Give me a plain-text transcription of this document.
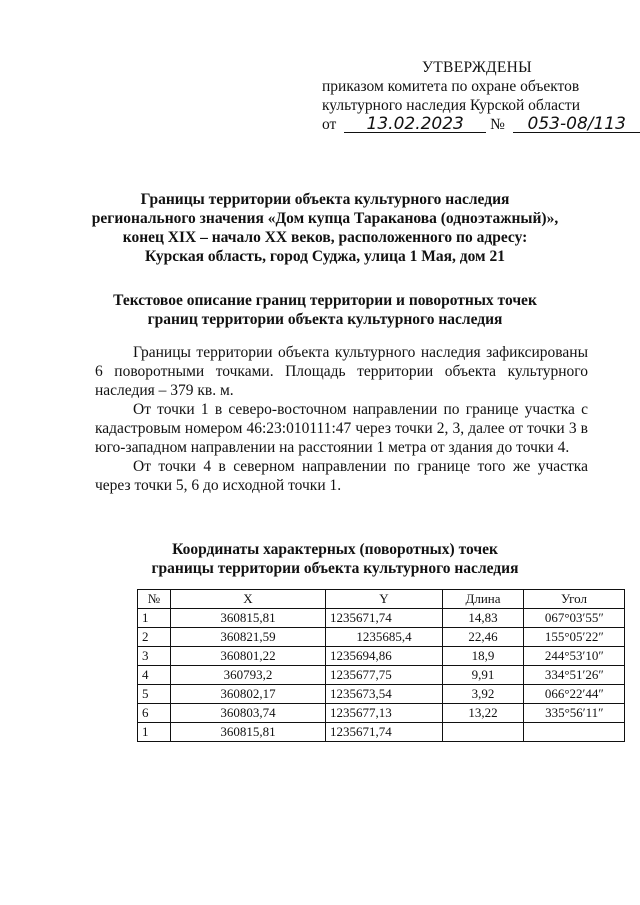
УТВЕРЖДЕНЫ
приказом комитета по охране объектов
культурного наследия Курской области
от 13.02.2023 № 053-08/113
Границы территории объекта культурного наследия
регионального значения «Дом купца Тараканова (одноэтажный)»,
конец XIX – начало XX веков, расположенного по адресу:
Курская область, город Суджа, улица 1 Мая, дом 21
Текстовое описание границ территории и поворотных точек
границ территории объекта культурного наследия

Границы территории объекта культурного наследия зафиксированы 6 поворотными точками. Площадь территории объекта культурного наследия – 379 кв. м.

От точки 1 в северо-восточном направлении по границе участка с кадастровым номером 46:23:010111:47 через точки 2, 3, далее от точки 3 в юго-западном направлении на расстоянии 1 метра от здания до точки 4.

От точки 4 в северном направлении по границе того же участка через точки 5, 6 до исходной точки 1.

Координаты характерных (поворотных) точек
границы территории объекта культурного наследия
№	X	Y	Длина	Угол
1	360815,81	1235671,74	14,83	067°03ʹ55ʺ
2	360821,59	1235685,4	22,46	155°05ʹ22ʺ
3	360801,22	1235694,86	18,9	244°53ʹ10ʺ
4	360793,2	1235677,75	9,91	334°51ʹ26ʺ
5	360802,17	1235673,54	3,92	066°22ʹ44ʺ
6	360803,74	1235677,13	13,22	335°56ʹ11ʺ
1	360815,81	1235671,74		
